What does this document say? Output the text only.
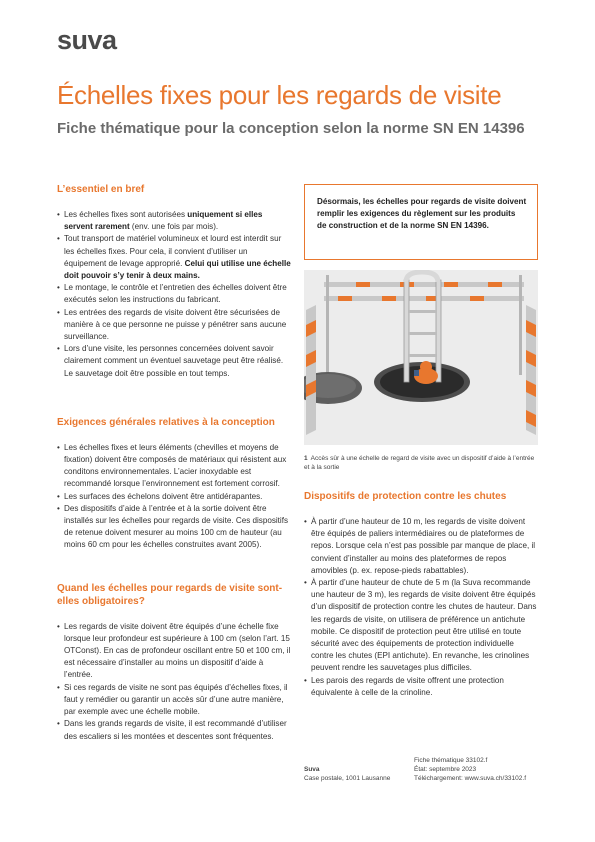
suva
Échelles fixes pour les regards de visite
Fiche thématique pour la conception selon la norme SN EN 14396
L’essentiel en bref
• Les échelles fixes sont autorisées uniquement si elles servent rarement (env. une fois par mois).
• Tout transport de matériel volumineux et lourd est interdit sur les échelles fixes. Pour cela, il convient d’utiliser un équipement de levage approprié. Celui qui utilise une échelle doit pouvoir s’y tenir à deux mains.
• Le montage, le contrôle et l’entretien des échelles doivent être exécutés selon les instructions du fabricant.
• Les entrées des regards de visite doivent être sécurisées de manière à ce que personne ne puisse y pénétrer sans aucune surveillance.
• Lors d’une visite, les personnes concernées doivent savoir clairement comment un éventuel sauvetage peut être réalisé. Le sauvetage doit être possible en tout temps.
Exigences générales relatives à la conception
• Les échelles fixes et leurs éléments (chevilles et moyens de fixation) doivent être composés de matériaux qui résistent aux conditons environnementales. L’acier inoxydable est recommandé lorsque l’environnement est fortement corrosif.
• Les surfaces des échelons doivent être antidérapantes.
• Des dispositifs d’aide à l’entrée et à la sortie doivent être installés sur les échelles pour regards de visite. Ces dispositifs de retenue doivent mesurer au moins 100 cm de hauteur (au moins 60 cm pour les échelles construites avant 2005).
Quand les échelles pour regards de visite sont-elles obligatoires?
• Les regards de visite doivent être équipés d’une échelle fixe lorsque leur profondeur est supérieure à 100 cm (selon l’art. 15 OTConst). En cas de profondeur oscillant entre 50 et 100 cm, il est nécessaire d’installer au moins un dispositif d’aide à l’entrée.
• Si ces regards de visite ne sont pas équipés d’échelles fixes, il faut y remédier ou garantir un accès sûr d’une autre manière, par exemple avec une échelle mobile.
• Dans les grands regards de visite, il est recommandé d’utiliser des escaliers si les montées et descentes sont fréquentes.

Désormais, les échelles pour regards de visite doivent remplir les exigences du règlement sur les produits de construction et de la norme SN EN 14396.

1 Accès sûr à une échelle de regard de visite avec un dispositif d’aide à l’entrée et à la sortie
Dispositifs de protection contre les chutes
• À partir d’une hauteur de 10 m, les regards de visite doivent être équipés de paliers intermédiaires ou de plateformes de repos. Lorsque cela n’est pas possible par manque de place, il convient d’installer au moins des plateformes de repos amovibles (p. ex. repose-pieds rabattables).
• À partir d’une hauteur de chute de 5 m (la Suva recommande une hauteur de 3 m), les regards de visite doivent être équipés d’un dispositif de protection contre les chutes de hauteur. Dans les regards de visite, on utilisera de préférence un antichute mobile. Ce dispositif de protection peut être utilisé en toute sécurité avec des équipements de protection individuelle contre les chutes (EPI antichute). En revanche, les crinolines peuvent rendre les sauvetages plus difficiles.
• Les parois des regards de visite offrent une protection équivalente à celle de la crinoline.
Suva
Case postale, 1001 Lausanne
Fiche thématique 33102.f
État: septembre 2023
Téléchargement: www.suva.ch/33102.f
